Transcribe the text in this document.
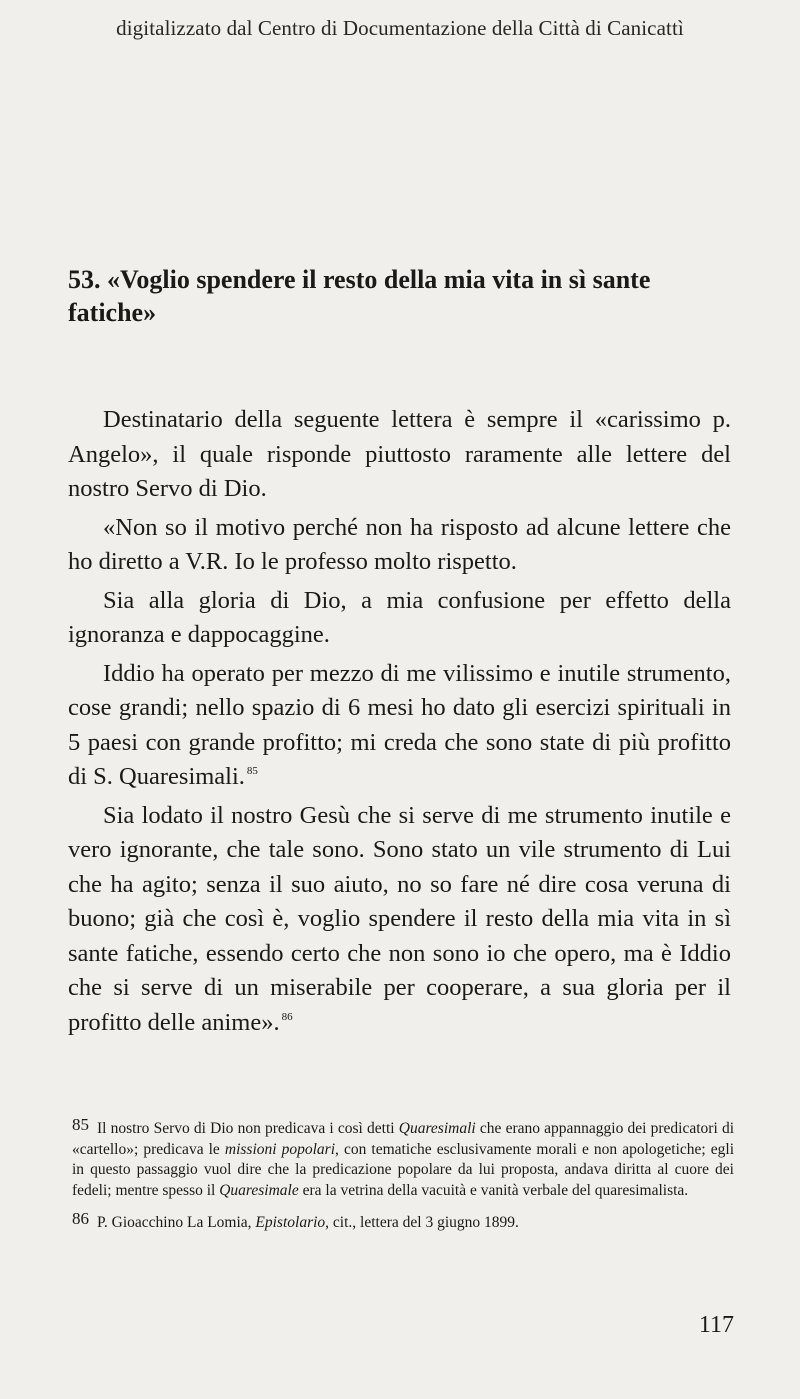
digitalizzato dal Centro di Documentazione della Città di Canicattì
53. «Voglio spendere il resto della mia vita in sì sante fatiche»

Destinatario della seguente lettera è sempre il «carissimo p. Angelo», il quale risponde piuttosto raramente alle lettere del nostro Servo di Dio.

«Non so il motivo perché non ha risposto ad alcune lettere che ho diretto a V.R. Io le professo molto rispetto.

Sia alla gloria di Dio, a mia confusione per effetto della ignoranza e dappocaggine.

Iddio ha operato per mezzo di me vilissimo e inutile strumento, cose grandi; nello spazio di 6 mesi ho dato gli esercizi spirituali in 5 paesi con grande profitto; mi creda che sono state di più profitto di S. Quaresimali. $^{85}$

Sia lodato il nostro Gesù che si serve di me strumento inutile e vero ignorante, che tale sono. Sono stato un vile strumento di Lui che ha agito; senza il suo aiuto, no so fare né dire cosa veruna di buono; già che così è, voglio spendere il resto della mia vita in sì sante fatiche, essendo certo che non sono io che opero, ma è Iddio che si serve di un miserabile per cooperare, a sua gloria per il profitto delle anime». $^{86}$

85 Il nostro Servo di Dio non predicava i così detti Quaresimali che erano appannaggio dei predicatori di «cartello»; predicava le missioni popolari, con tematiche esclusivamente morali e non apologetiche; egli in questo passaggio vuol dire che la predicazione popolare da lui proposta, andava diritta al cuore dei fedeli; mentre spesso il Quaresimale era la vetrina della vacuità e vanità verbale del quaresimalista.

86 P. Gioacchino La Lomia, Epistolario, cit., lettera del 3 giugno 1899.

117
